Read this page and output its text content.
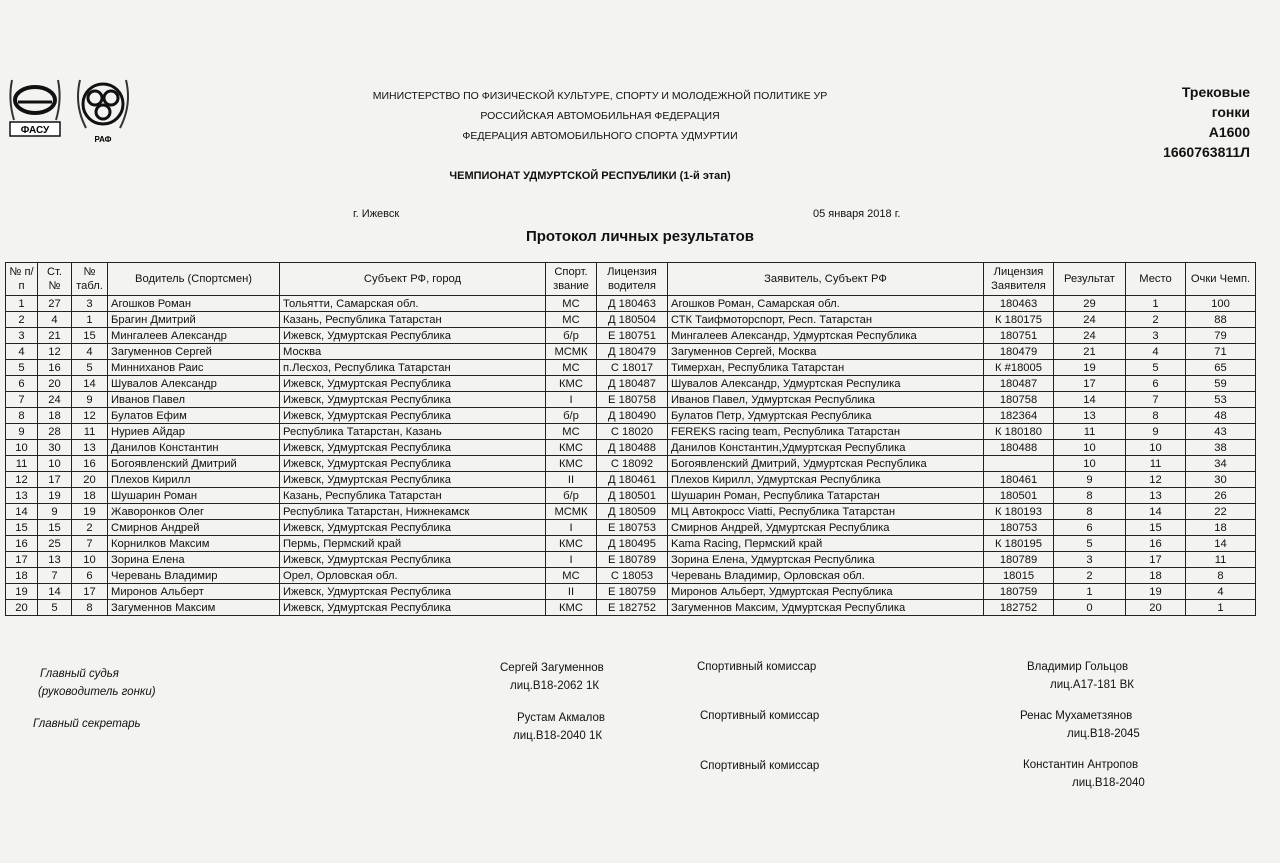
ФАСУ
РАФ
МИНИСТЕРСТВО ПО ФИЗИЧЕСКОЙ КУЛЬТУРЕ, СПОРТУ И МОЛОДЕЖНОЙ ПОЛИТИКЕ УР
РОССИЙСКАЯ АВТОМОБИЛЬНАЯ ФЕДЕРАЦИЯ
ФЕДЕРАЦИЯ АВТОМОБИЛЬНОГО СПОРТА УДМУРТИИ
ЧЕМПИОНАТ УДМУРТСКОЙ РЕСПУБЛИКИ (1-й этап)
г. Ижевск	05 января 2018 г.
Протокол личных результатов
Трековые
гонки
А1600
1660763811Л
№ п/п	Ст. №	№ табл.	Водитель (Спортсмен)	Субъект РФ, город	Спорт. звание	Лицензия водителя	Заявитель, Субъект РФ	Лицензия Заявителя	Результат	Место	Очки Чемп.
1	27	3	Агошков Роман	Тольятти, Самарская обл.	МС	Д 180463	Агошков Роман, Самарская обл.	180463	29	1	100
2	4	1	Брагин Дмитрий	Казань, Республика Татарстан	МС	Д 180504	СТК Таифмоторспорт, Респ. Татарстан	К 180175	24	2	88
3	21	15	Мингалеев Александр	Ижевск, Удмуртская Республика	б/р	Е 180751	Мингалеев Александр, Удмуртская Республика	180751	24	3	79
4	12	4	Загуменнов Сергей	Москва	МСМК	Д 180479	Загуменнов Сергей, Москва	180479	21	4	71
5	16	5	Минниханов Раис	п.Лесхоз, Республика Татарстан	МС	С 18017	Тимерхан, Республика Татарстан	К #18005	19	5	65
6	20	14	Шувалов Александр	Ижевск, Удмуртская Республика	КМС	Д 180487	Шувалов Александр, Удмуртская Респулика	180487	17	6	59
7	24	9	Иванов Павел	Ижевск, Удмуртская Республика	I	Е 180758	Иванов Павел, Удмуртская Республика	180758	14	7	53
8	18	12	Булатов Ефим	Ижевск, Удмуртская Республика	б/р	Д 180490	Булатов Петр, Удмуртская Республика	182364	13	8	48
9	28	11	Нуриев Айдар	Республика Татарстан, Казань	МС	С 18020	FEREKS racing team, Республика Татарстан	К 180180	11	9	43
10	30	13	Данилов Константин	Ижевск, Удмуртская Республика	КМС	Д 180488	Данилов Константин,Удмуртская Республика	180488	10	10	38
11	10	16	Богоявленский Дмитрий	Ижевск, Удмуртская Республика	КМС	С 18092	Богоявленский Дмитрий, Удмуртская Республика		10	11	34
12	17	20	Плехов Кирилл	Ижевск, Удмуртская Республика	II	Д 180461	Плехов Кирилл, Удмуртская Республика	180461	9	12	30
13	19	18	Шушарин Роман	Казань, Республика Татарстан	б/р	Д 180501	Шушарин Роман, Республика Татарстан	180501	8	13	26
14	9	19	Жаворонков Олег	Республика Татарстан, Нижнекамск	МСМК	Д 180509	МЦ Автокросс Viatti, Республика Татарстан	К 180193	8	14	22
15	15	2	Смирнов Андрей	Ижевск, Удмуртская Республика	I	Е 180753	Смирнов Андрей, Удмуртская Республика	180753	6	15	18
16	25	7	Корнилков Максим	Пермь, Пермский край	КМС	Д 180495	Kama Racing, Пермский край	К 180195	5	16	14
17	13	10	Зорина Елена	Ижевск, Удмуртская Республика	I	Е 180789	Зорина Елена, Удмуртская Республика	180789	3	17	11
18	7	6	Черевань Владимир	Орел, Орловская обл.	МС	С 18053	Черевань Владимир, Орловская обл.	18015	2	18	8
19	14	17	Миронов Альберт	Ижевск, Удмуртская Республика	II	Е 180759	Миронов Альберт, Удмуртская Республика	180759	1	19	4
20	5	8	Загуменнов Максим	Ижевск, Удмуртская Республика	КМС	Е 182752	Загуменнов Максим, Удмуртская Республика	182752	0	20	1
Главный судья
(руководитель гонки)
Главный секретарь
Сергей Загуменнов
лиц.В18-2062 1К
Рустам Акмалов
лиц.В18-2040 1К
Спортивный комиссар
Спортивный комиссар
Спортивный комиссар
Владимир Гольцов
лиц.А17-181 ВК
Ренас Мухаметзянов
лиц.В18-2045
Константин Антропов
лиц.В18-2040
